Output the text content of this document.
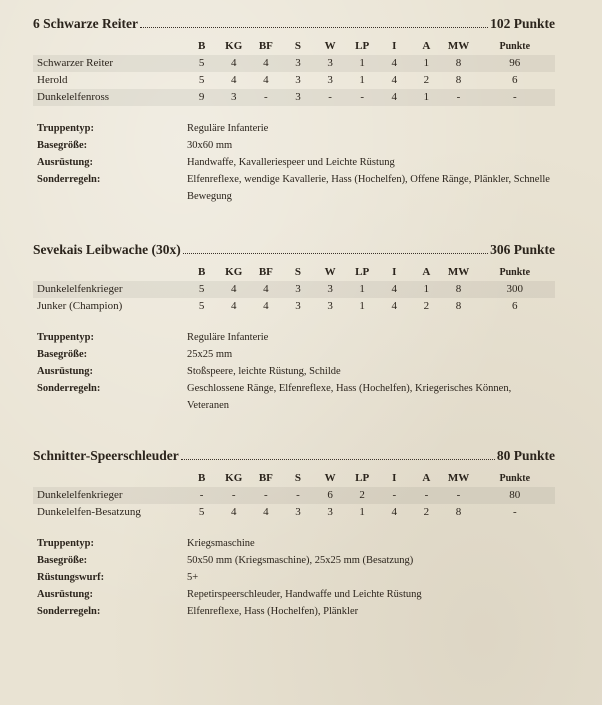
6 Schwarze Reiter	102 Punkte
	B	KG	BF	S	W	LP	I	A	MW	Punkte
Schwarzer Reiter	5	4	4	3	3	1	4	1	8	96
Herold	5	4	4	3	3	1	4	2	8	6
Dunkelelfenross	9	3	-	3	-	-	4	1	-	-
Truppentyp:	Reguläre Infanterie
Basegröße:	30x60 mm
Ausrüstung:	Handwaffe, Kavalleriespeer und Leichte Rüstung
Sonderregeln:	Elfenreflexe, wendige Kavallerie, Hass (Hochelfen), Offene Ränge, Plänkler, Schnelle Bewegung
Sevekais Leibwache (30x)	306 Punkte
	B	KG	BF	S	W	LP	I	A	MW	Punkte
Dunkelelfenkrieger	5	4	4	3	3	1	4	1	8	300
Junker (Champion)	5	4	4	3	3	1	4	2	8	6
Truppentyp:	Reguläre Infanterie
Basegröße:	25x25 mm
Ausrüstung:	Stoßspeere, leichte Rüstung, Schilde
Sonderregeln:	Geschlossene Ränge, Elfenreflexe, Hass (Hochelfen), Kriegerisches Können, Veteranen
Schnitter-Speerschleuder	80 Punkte
	B	KG	BF	S	W	LP	I	A	MW	Punkte
Dunkelelfenkrieger	-	-	-	-	6	2	-	-	-	80
Dunkelelfen-Besatzung	5	4	4	3	3	1	4	2	8	-
Truppentyp:	Kriegsmaschine
Basegröße:	50x50 mm (Kriegsmaschine), 25x25 mm (Besatzung)
Rüstungswurf:	5+
Ausrüstung:	Repetirspeerschleuder, Handwaffe und Leichte Rüstung
Sonderregeln:	Elfenreflexe, Hass (Hochelfen), Plänkler
